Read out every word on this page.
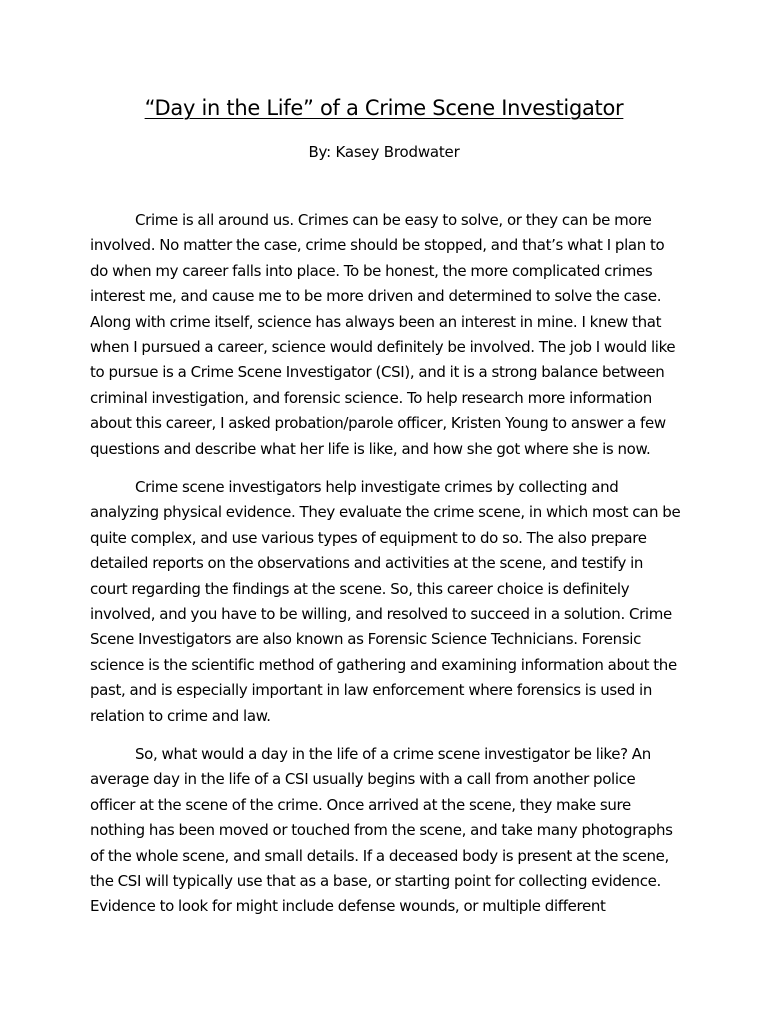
“Day in the Life” of a Crime Scene Investigator
By: Kasey Brodwater

Crime is all around us. Crimes can be easy to solve, or they can be more
involved. No matter the case, crime should be stopped, and that’s what I plan to
do when my career falls into place. To be honest, the more complicated crimes
interest me, and cause me to be more driven and determined to solve the case.
Along with crime itself, science has always been an interest in mine. I knew that
when I pursued a career, science would definitely be involved. The job I would like
to pursue is a Crime Scene Investigator (CSI), and it is a strong balance between
criminal investigation, and forensic science. To help research more information
about this career, I asked probation/parole officer, Kristen Young to answer a few
questions and describe what her life is like, and how she got where she is now.

Crime scene investigators help investigate crimes by collecting and
analyzing physical evidence. They evaluate the crime scene, in which most can be
quite complex, and use various types of equipment to do so. The also prepare
detailed reports on the observations and activities at the scene, and testify in
court regarding the findings at the scene. So, this career choice is definitely
involved, and you have to be willing, and resolved to succeed in a solution. Crime
Scene Investigators are also known as Forensic Science Technicians. Forensic
science is the scientific method of gathering and examining information about the
past, and is especially important in law enforcement where forensics is used in
relation to crime and law.

So, what would a day in the life of a crime scene investigator be like? An
average day in the life of a CSI usually begins with a call from another police
officer at the scene of the crime. Once arrived at the scene, they make sure
nothing has been moved or touched from the scene, and take many photographs
of the whole scene, and small details. If a deceased body is present at the scene,
the CSI will typically use that as a base, or starting point for collecting evidence.
Evidence to look for might include defense wounds, or multiple different
